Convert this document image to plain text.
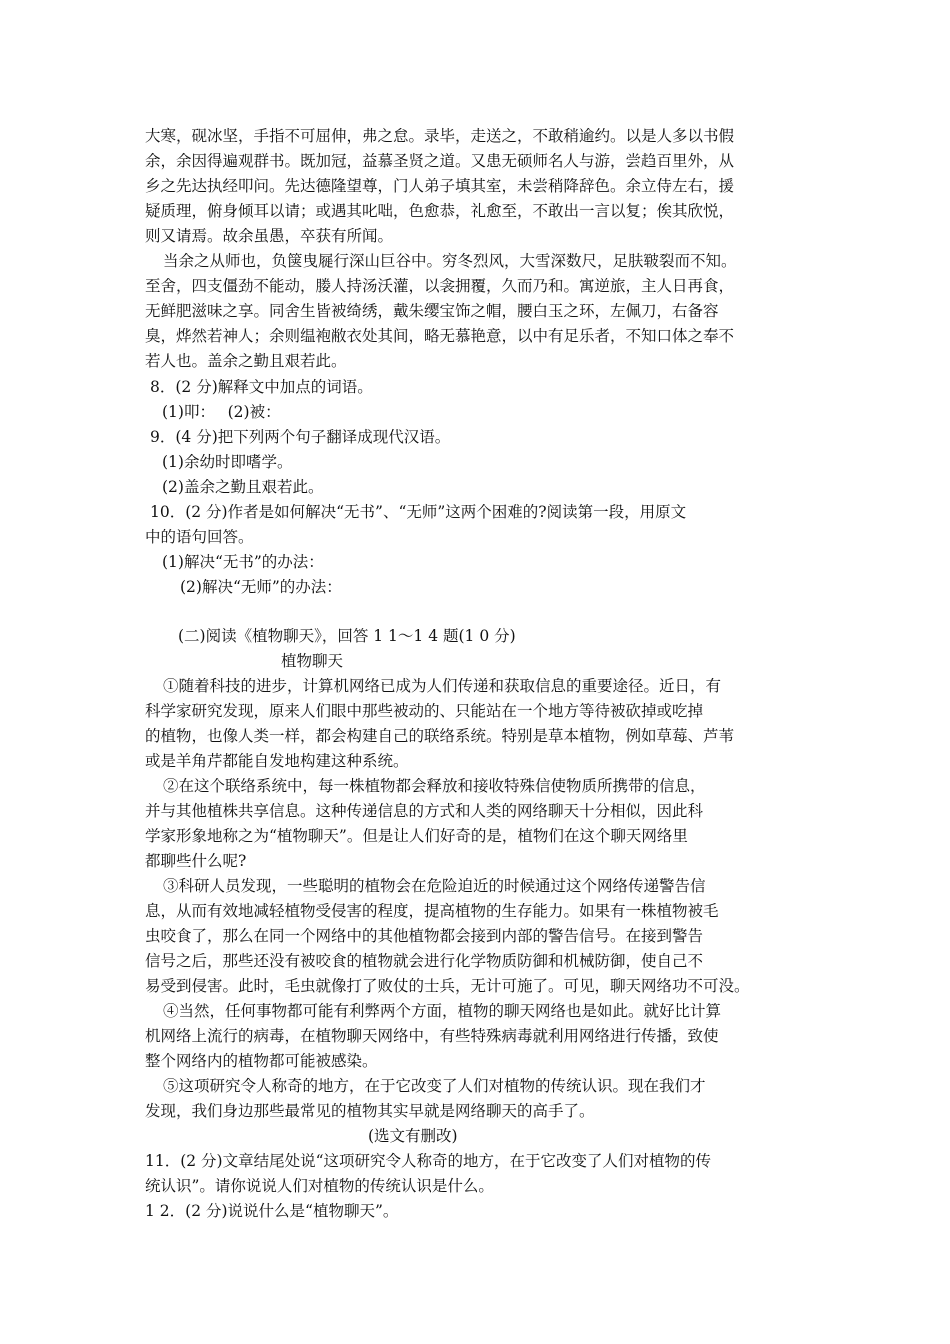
大寒，砚冰坚，手指不可屈伸，弗之怠。录毕，走送之，不敢稍逾约。以是人多以书假
余，余因得遍观群书。既加冠，益慕圣贤之道。又患无硕师名人与游，尝趋百里外，从
乡之先达执经叩问。先达德隆望尊，门人弟子填其室，未尝稍降辞色。余立侍左右，援
疑质理，俯身倾耳以请；或遇其叱咄，色愈恭，礼愈至，不敢出一言以复；俟其欣悦，
则又请焉。故余虽愚，卒获有所闻。
当余之从师也，负箧曳屣行深山巨谷中。穷冬烈风，大雪深数尺，足肤皲裂而不知。
至舍，四支僵劲不能动，媵人持汤沃灌，以衾拥覆，久而乃和。寓逆旅，主人日再食，
无鲜肥滋味之享。同舍生皆被绮绣，戴朱缨宝饰之帽，腰白玉之环，左佩刀，右备容
臭，烨然若神人；余则缊袍敝衣处其间，略无慕艳意，以中有足乐者，不知口体之奉不
若人也。盖余之勤且艰若此。
8．(2 分)解释文中加点的词语。
(1)叩：　 (2)被：
9．(4 分)把下列两个句子翻译成现代汉语。
(1)余幼时即嗜学。
(2)盖余之勤且艰若此。
10．(2 分)作者是如何解决“无书”、“无师”这两个困难的?阅读第一段，用原文
中的语句回答。
(1)解决“无书”的办法：
(2)解决“无师”的办法：
(二)阅读《植物聊天》，回答 1 1～1 4 题(1 0 分)
植物聊天
①随着科技的进步，计算机网络已成为人们传递和获取信息的重要途径。近日，有
科学家研究发现，原来人们眼中那些被动的、只能站在一个地方等待被砍掉或吃掉
的植物，也像人类一样，都会构建自己的联络系统。特别是草本植物，例如草莓、芦苇
或是羊角芹都能自发地构建这种系统。
②在这个联络系统中，每一株植物都会释放和接收特殊信使物质所携带的信息，
并与其他植株共享信息。这种传递信息的方式和人类的网络聊天十分相似，因此科
学家形象地称之为“植物聊天”。但是让人们好奇的是，植物们在这个聊天网络里
都聊些什么呢?
③科研人员发现，一些聪明的植物会在危险迫近的时候通过这个网络传递警告信
息，从而有效地减轻植物受侵害的程度，提高植物的生存能力。如果有一株植物被毛
虫咬食了，那么在同一个网络中的其他植物都会接到内部的警告信号。在接到警告
信号之后，那些还没有被咬食的植物就会进行化学物质防御和机械防御，使自己不
易受到侵害。此时，毛虫就像打了败仗的士兵，无计可施了。可见，聊天网络功不可没。
④当然，任何事物都可能有利弊两个方面，植物的聊天网络也是如此。就好比计算
机网络上流行的病毒，在植物聊天网络中，有些特殊病毒就利用网络进行传播，致使
整个网络内的植物都可能被感染。
⑤这项研究令人称奇的地方，在于它改变了人们对植物的传统认识。现在我们才
发现，我们身边那些最常见的植物其实早就是网络聊天的高手了。
(选文有删改)
11．(2 分)文章结尾处说“这项研究令人称奇的地方，在于它改变了人们对植物的传
统认识”。请你说说人们对植物的传统认识是什么。
1 2．(2 分)说说什么是“植物聊天”。
